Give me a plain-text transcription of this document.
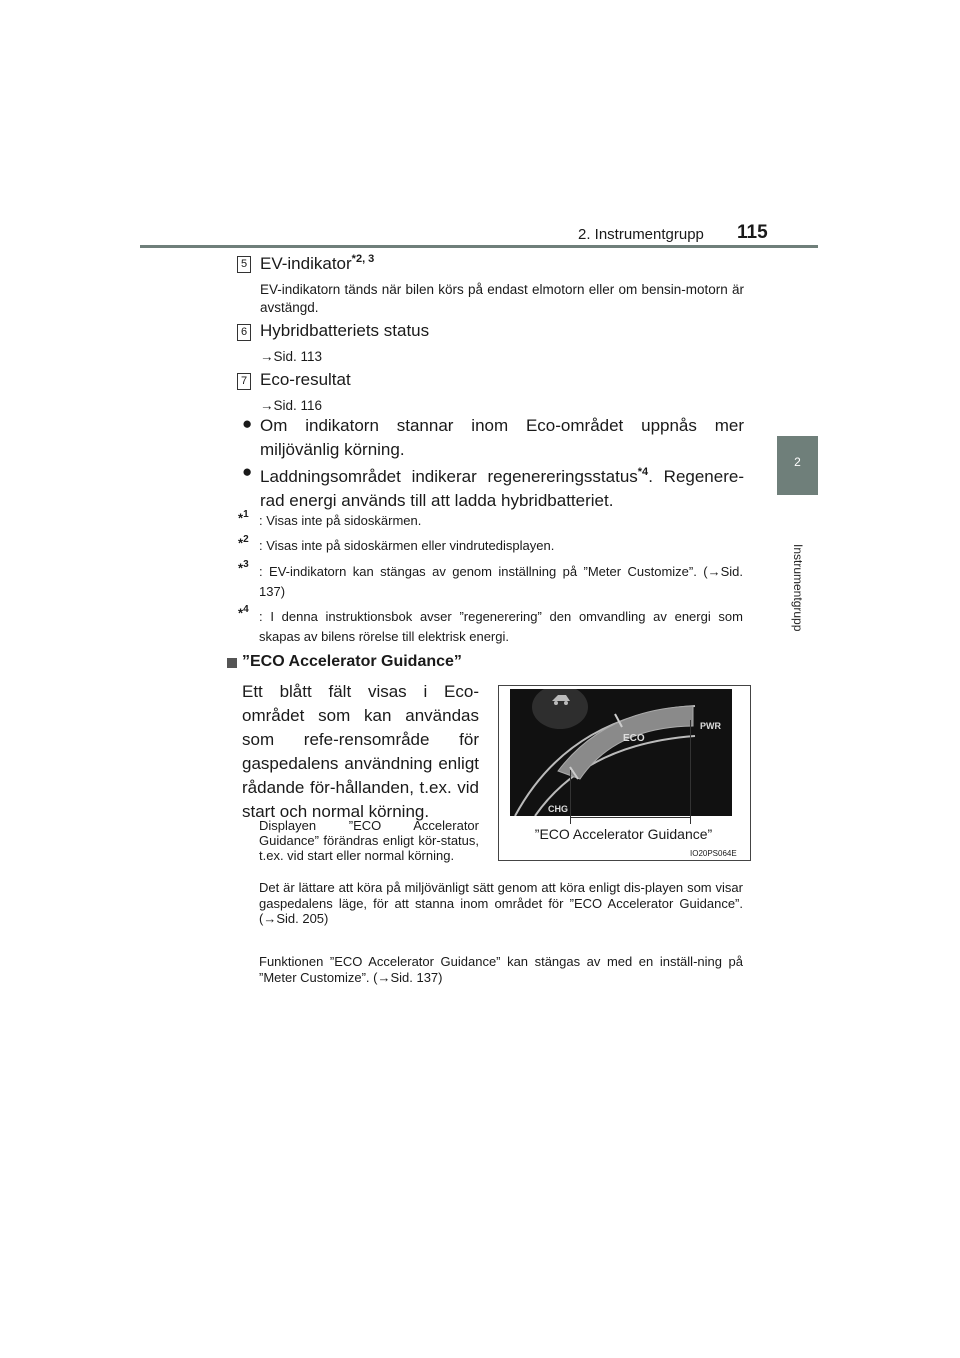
2. Instrumentgrupp 115
2
Instrumentgrupp
5 EV-indikator$^{*2, 3}$
EV-indikatorn tänds när bilen körs på endast elmotorn eller om bensin-motorn är avstängd.
6 Hybridbatteriets status
→Sid. 113
7 Eco-resultat
→Sid. 116
● Om indikatorn stannar inom Eco-området uppnås mer miljövänlig körning.
● Laddningsområdet indikerar regenereringsstatus$^{*4}$. Regenere-rad energi används till att ladda hybridbatteriet.
*$^1$ : Visas inte på sidoskärmen.
*$^2$ : Visas inte på sidoskärmen eller vindrutedisplayen.
*$^3$ : EV-indikatorn kan stängas av genom inställning på ”Meter Customize”. (→Sid. 137)
*$^4$ : I denna instruktionsbok avser ”regenerering” den omvandling av energi som skapas av bilens rörelse till elektrisk energi.
”ECO Accelerator Guidance”
Ett blått fält visas i Eco-området som kan användas som refe-rensområde för gaspedalens användning enligt rådande för-hållanden, t.ex. vid start och normal körning.
Displayen ”ECO Accelerator Guidance” förändras enligt kör-status, t.ex. vid start eller normal körning.
ECO
PWR
CHG
”ECO Accelerator Guidance”
IO20PS064E
Det är lättare att köra på miljövänligt sätt genom att köra enligt dis-playen som visar gaspedalens läge, för att stanna inom området för ”ECO Accelerator Guidance”. (→Sid. 205)
Funktionen ”ECO Accelerator Guidance” kan stängas av med en inställ-ning på ”Meter Customize”. (→Sid. 137)
